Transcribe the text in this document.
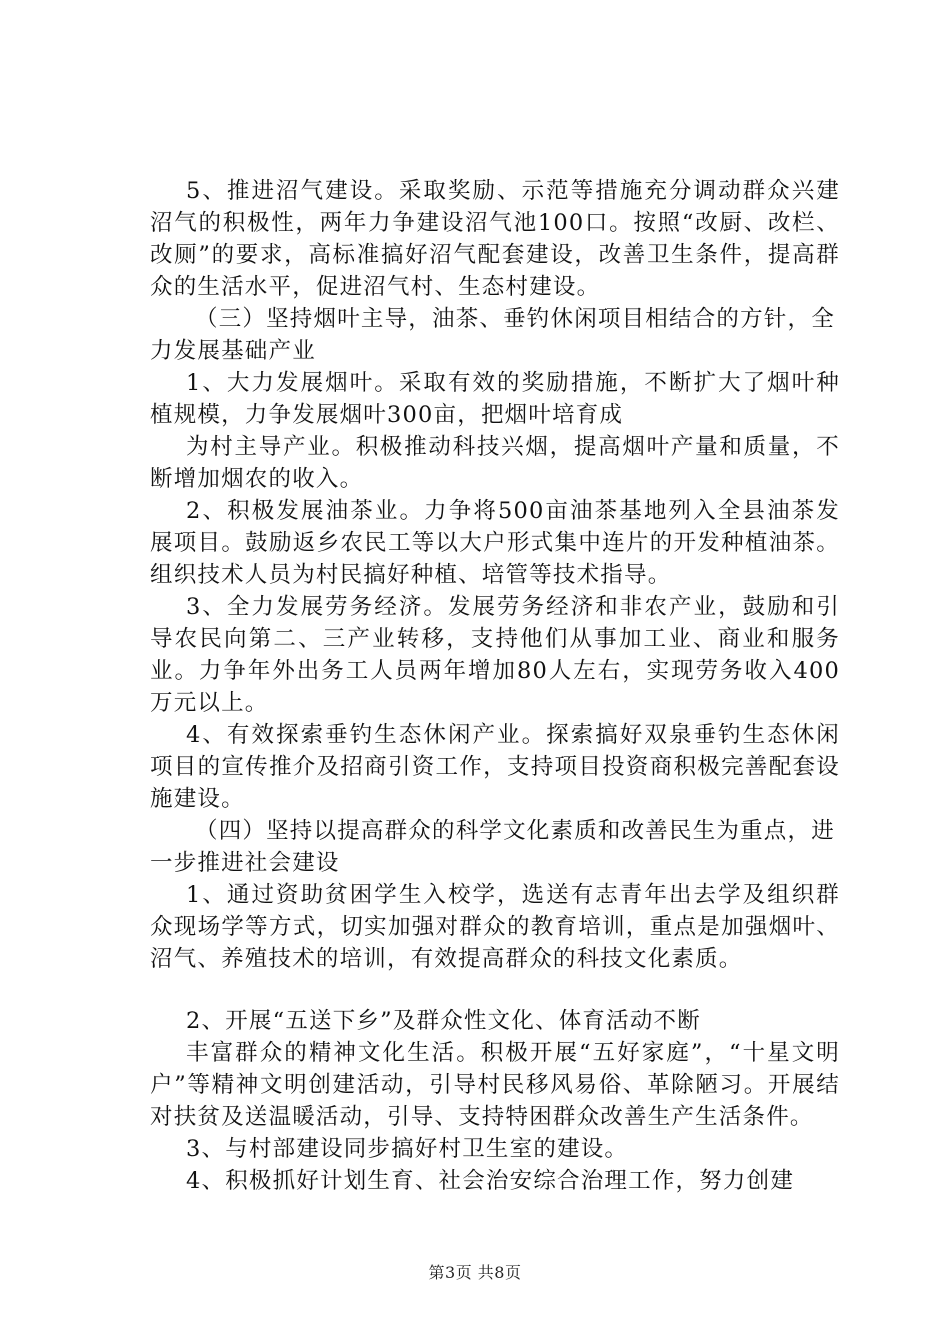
5、推进沼气建设。采取奖励、示范等措施充分调动群众兴建沼气的积极性，两年力争建设沼气池100口。按照“改厨、改栏、改厕”的要求，高标准搞好沼气配套建设，改善卫生条件，提高群众的生活水平，促进沼气村、生态村建设。

（三）坚持烟叶主导，油茶、垂钓休闲项目相结合的方针，全力发展基础产业

1、大力发展烟叶。采取有效的奖励措施，不断扩大了烟叶种植规模，力争发展烟叶300亩，把烟叶培育成

为村主导产业。积极推动科技兴烟，提高烟叶产量和质量，不断增加烟农的收入。

2、积极发展油茶业。力争将500亩油茶基地列入全县油茶发展项目。鼓励返乡农民工等以大户形式集中连片的开发种植油茶。组织技术人员为村民搞好种植、培管等技术指导。

3、全力发展劳务经济。发展劳务经济和非农产业，鼓励和引导农民向第二、三产业转移，支持他们从事加工业、商业和服务业。力争年外出务工人员两年增加80人左右，实现劳务收入400万元以上。

4、有效探索垂钓生态休闲产业。探索搞好双泉垂钓生态休闲项目的宣传推介及招商引资工作，支持项目投资商积极完善配套设施建设。

（四）坚持以提高群众的科学文化素质和改善民生为重点，进一步推进社会建设

1、通过资助贫困学生入校学，选送有志青年出去学及组织群众现场学等方式，切实加强对群众的教育培训，重点是加强烟叶、沼气、养殖技术的培训，有效提高群众的科技文化素质。

2、开展“五送下乡”及群众性文化、体育活动不断

丰富群众的精神文化生活。积极开展“五好家庭”，“十星文明户”等精神文明创建活动，引导村民移风易俗、革除陋习。开展结对扶贫及送温暖活动，引导、支持特困群众改善生产生活条件。

3、与村部建设同步搞好村卫生室的建设。

4、积极抓好计划生育、社会治安综合治理工作，努力创建

第3页 共8页
